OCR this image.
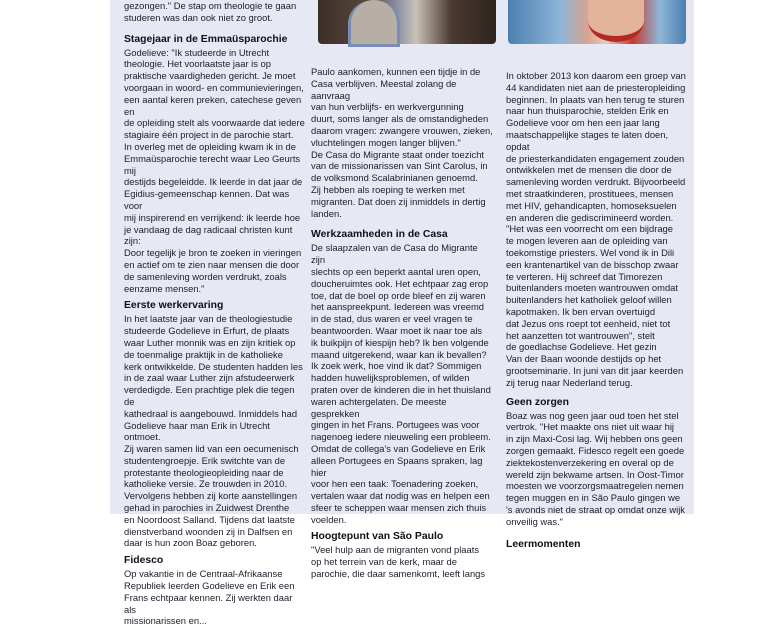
gezongen." De stap om theologie te gaan
studeren was dan ook niet zo groot.

Stagejaar in de Emmaüsparochie

Godelieve: "Ik studeerde in Utrecht
theologie. Het voorlaatste jaar is op
praktische vaardigheden gericht. Je moet
voorgaan in woord- en communievieringen,
een aantal keren preken, catechese geven en
de opleiding stelt als voorwaarde dat iedere
stagiaire één project in de parochie start.
In overleg met de opleiding kwam ik in de
Emmaüsparochie terecht waar Leo Geurts mij
destijds begeleidde. Ik leerde in dat jaar de
Egidius-gemeenschap kennen. Dat was voor
mij inspirerend en verrijkend: ik leerde hoe
je vandaag de dag radicaal christen kunt zijn:
Door tegelijk je bron te zoeken in vieringen
en actief om te zien naar mensen die door
de samenleving worden verdrukt, zoals
eenzame mensen."

Eerste werkervaring

In het laatste jaar van de theologiestudie
studeerde Godelieve in Erfurt, de plaats
waar Luther monnik was en zijn kritiek op
de toenmalige praktijk in de katholieke
kerk ontwikkelde. De studenten hadden les
in de zaal waar Luther zijn afstudeerwerk
verdedigde. Een prachtige plek die tegen de
kathedraal is aangebouwd. Inmiddels had
Godelieve haar man Erik in Utrecht ontmoet.
Zij waren samen lid van een oecumenisch
studentengroepje. Erik switchte van de
protestante theologieopleiding naar de
katholieke versie. Ze trouwden in 2010.
Vervolgens hebben zij korte aanstellingen
gehad in parochies in Zuidwest Drenthe
en Noordoost Salland. Tijdens dat laatste
dienstverband woonden zij in Dalfsen en
daar is hun zoon Boaz geboren.

Fidesco

Op vakantie in de Centraal-Afrikaanse
Republiek leerden Godelieve en Erik een
Frans echtpaar kennen. Zij werkten daar als
missionarissen en...

Paulo aankomen, kunnen een tijdje in de
Casa verblijven. Meestal zolang de aanvraag
van hun verblijfs- en werkvergunning
duurt, soms langer als de omstandigheden
daarom vragen: zwangere vrouwen, zieken,
vluchtelingen mogen langer blijven."
De Casa do Migrante staat onder toezicht
van de missionarissen van Sint Carolus, in
de volksmond Scalabrinianen genoemd.
Zij hebben als roeping te werken met
migranten. Dat doen zij inmiddels in dertig
landen.

Werkzaamheden in de Casa

De slaapzalen van de Casa do Migrante zijn
slechts op een beperkt aantal uren open,
doucheruimtes ook. Het echtpaar zag erop
toe, dat de boel op orde bleef en zij waren
het aanspreekpunt. Iedereen was vreemd
in de stad, dus waren er veel vragen te
beantwoorden. Waar moet ik naar toe als
ik buikpijn of kiespijn heb? Ik ben volgende
maand uitgerekend, waar kan ik bevallen?
Ik zoek werk, hoe vind ik dat? Sommigen
hadden huwelijksproblemen, of wilden
praten over de kinderen die in het thuisland
waren achtergelaten. De meeste gesprekken
gingen in het Frans. Portugees was voor
nagenoeg iedere nieuweling een probleem.
Omdat de collega's van Godelieve en Erik
alleen Portugees en Spaans spraken, lag hier
voor hen een taak: Toenadering zoeken,
vertalen waar dat nodig was en helpen een
sfeer te scheppen waar mensen zich thuis
voelden.

Hoogtepunt van São Paulo

"Veel hulp aan de migranten vond plaats
op het terrein van de kerk, maar de
parochie, die daar samenkomt, leeft langs

In oktober 2013 kon daarom een groep van
44 kandidaten niet aan de priesteropleiding
beginnen. In plaats van hen terug te sturen
naar hun thuisparochie, stelden Erik en
Godelieve voor om hen een jaar lang
maatschappelijke stages te laten doen, opdat
de priesterkandidaten engagement zouden
ontwikkelen met de mensen die door de
samenleving worden verdrukt. Bijvoorbeeld
met straatkinderen, prostituees, mensen
met HIV, gehandicapten, homoseksuelen
en anderen die gediscrimineerd worden.
"Het was een voorrecht om een bijdrage
te mogen leveren aan de opleiding van
toekomstige priesters. Wel vond ik in Dili
een krantenartikel van de bisschop zwaar
te verteren. Hij schreef dat Timorezen
buitenlanders moeten wantrouwen omdat
buitenlanders het katholiek geloof willen
kapotmaken. Ik ben ervan overtuigd
dat Jezus ons roept tot eenheid, niet tot
het aanzetten tot wantrouwen", stelt
de goedlachse Godelieve. Het gezin
Van der Baan woonde destijds op het
grootseminarie. In juni van dit jaar keerden
zij terug naar Nederland terug.

Geen zorgen

Boaz was nog geen jaar oud toen het stel
vertrok. "Het maakte ons niet uit waar hij
in zijn Maxi-Cosi lag. Wij hebben ons geen
zorgen gemaakt. Fidesco regelt een goede
ziektekostenverzekering en overal op de
wereld zijn bekwame artsen. In Oost-Timor
moesten we voorzorgsmaatregelen nemen
tegen muggen en in São Paulo gingen we
's avonds niet de straat op omdat onze wijk
onveilig was."

Leermomenten
